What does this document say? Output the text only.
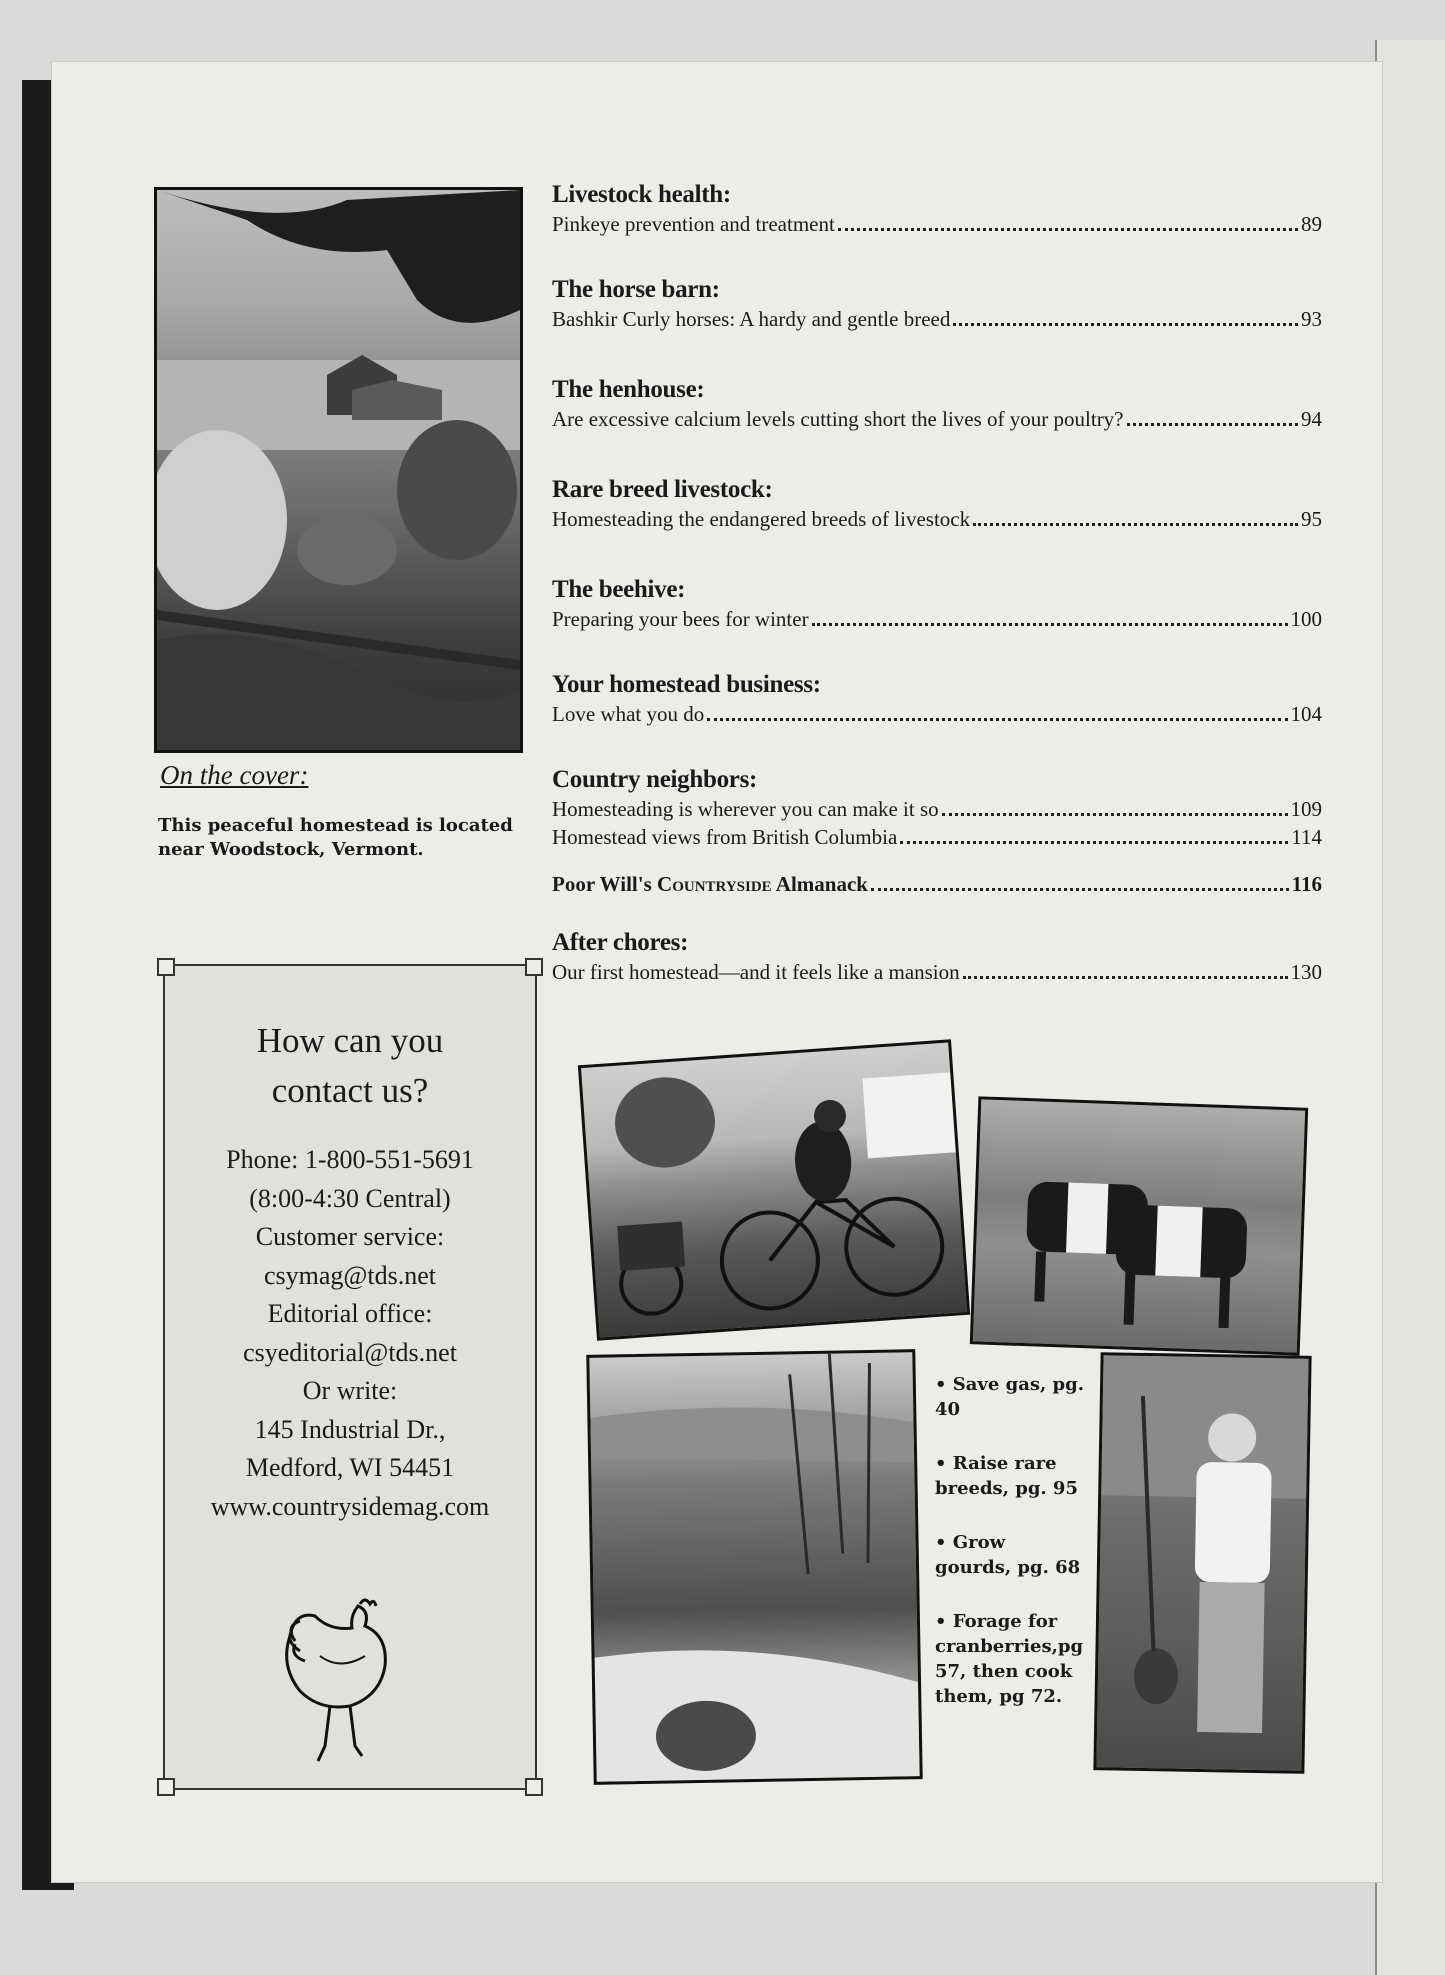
On the cover:
This peaceful homestead is located near Woodstock, Vermont.
Livestock health:
Pinkeye prevention and treatment	89
The horse barn:
Bashkir Curly horses: A hardy and gentle breed	93
The henhouse:
Are excessive calcium levels cutting short the lives of your poultry?	94
Rare breed livestock:
Homesteading the endangered breeds of livestock	95
The beehive:
Preparing your bees for winter	100
Your homestead business:
Love what you do	104
Country neighbors:
Homesteading is wherever you can make it so	109
Homestead views from British Columbia	114
Poor Will's Countryside Almanack	116
After chores:
Our first homestead—and it feels like a mansion	130
How can you
contact us?
Phone: 1-800-551-5691
(8:00-4:30 Central)
Customer service:
csymag@tds.net
Editorial office:
csyeditorial@tds.net
Or write:
145 Industrial Dr.,
Medford, WI 54451
www.countrysidemag.com
• Save gas, pg. 40
• Raise rare breeds, pg. 95
• Grow gourds, pg. 68
• Forage for cranberries,pg 57, then cook them, pg 72.
